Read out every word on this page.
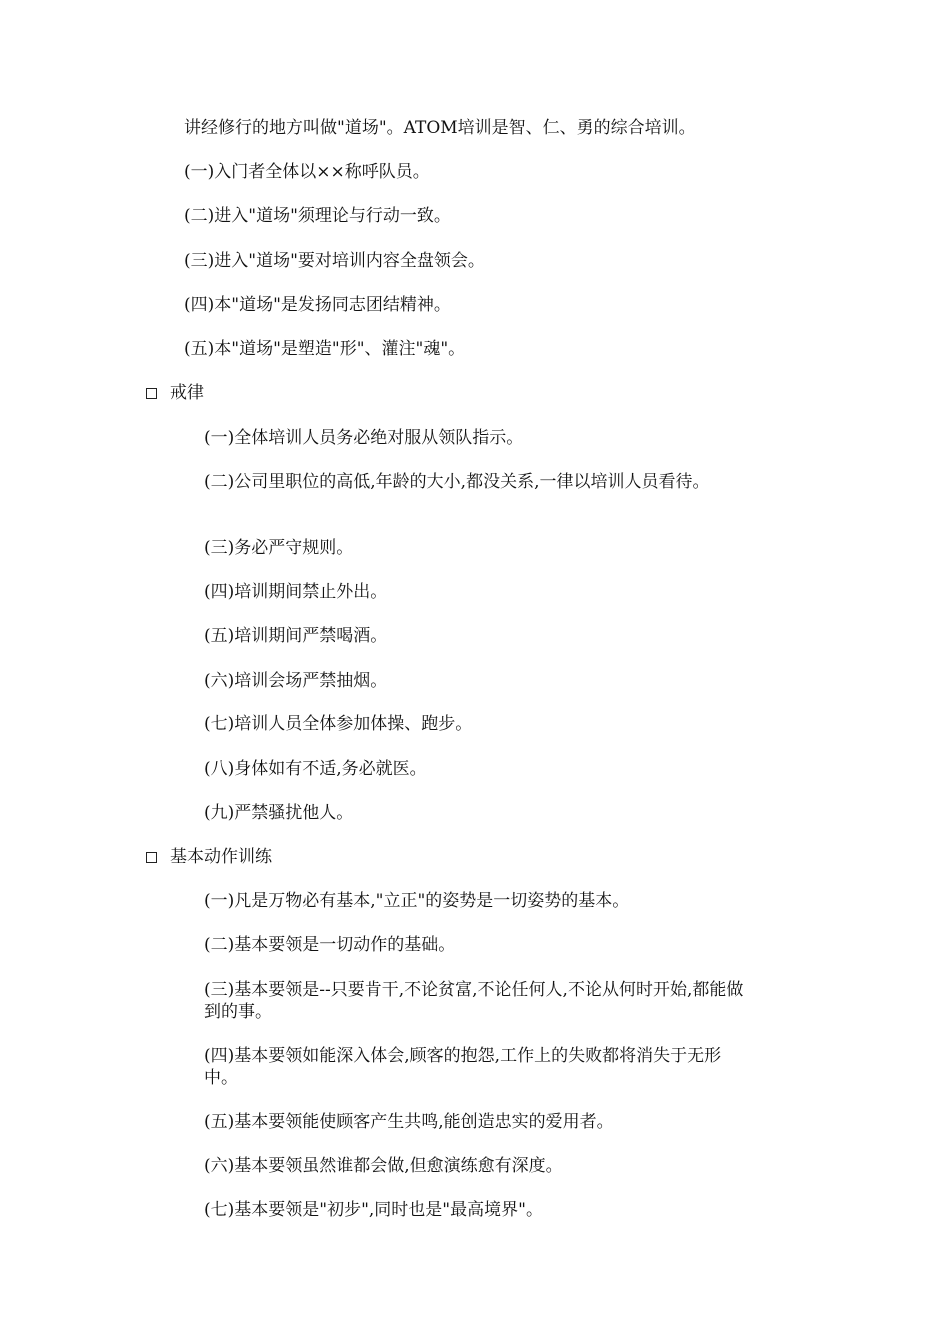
讲经修行的地方叫做"道场"。ATOM培训是智、仁、勇的综合培训。
(一)入门者全体以××称呼队员。
(二)进入"道场"须理论与行动一致。
(三)进入"道场"要对培训内容全盘领会。
(四)本"道场"是发扬同志团结精神。
(五)本"道场"是塑造"形"、灌注"魂"。
戒律
(一)全体培训人员务必绝对服从领队指示。
(二)公司里职位的高低,年龄的大小,都没关系,一律以培训人员看待。
(三)务必严守规则。
(四)培训期间禁止外出。
(五)培训期间严禁喝酒。
(六)培训会场严禁抽烟。
(七)培训人员全体参加体操、跑步。
(八)身体如有不适,务必就医。
(九)严禁骚扰他人。
基本动作训练
(一)凡是万物必有基本,"立正"的姿势是一切姿势的基本。
(二)基本要领是一切动作的基础。
(三)基本要领是--只要肯干,不论贫富,不论任何人,不论从何时开始,都能做到的事。
(四)基本要领如能深入体会,顾客的抱怨,工作上的失败都将消失于无形中。
(五)基本要领能使顾客产生共鸣,能创造忠实的爱用者。
(六)基本要领虽然谁都会做,但愈演练愈有深度。
(七)基本要领是"初步",同时也是"最高境界"。
